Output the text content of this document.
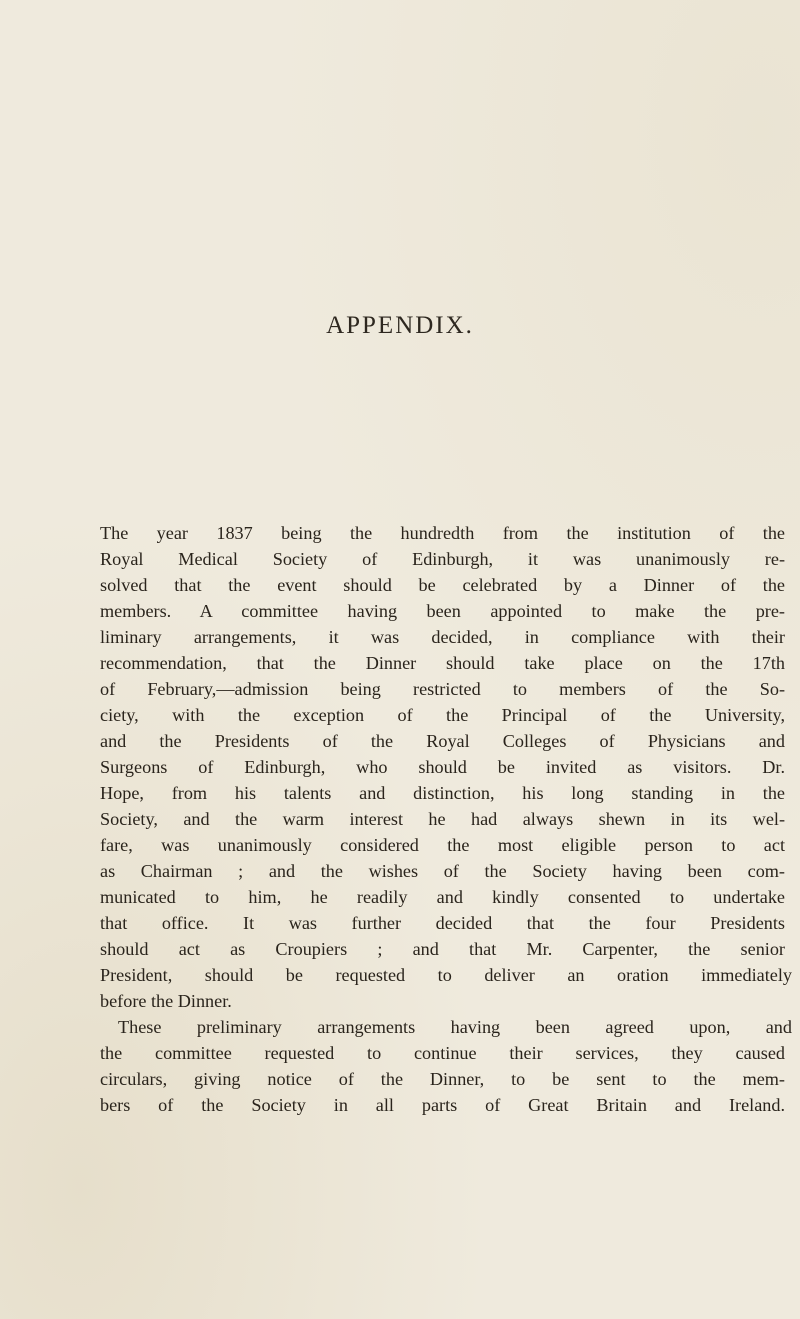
APPENDIX.
The year 1837 being the hundredth from the institution of the
Royal Medical Society of Edinburgh, it was unanimously re-
solved that the event should be celebrated by a Dinner of the
members. A committee having been appointed to make the pre-
liminary arrangements, it was decided, in compliance with their
recommendation, that the Dinner should take place on the 17th
of February,—admission being restricted to members of the So-
ciety, with the exception of the Principal of the University,
and the Presidents of the Royal Colleges of Physicians and
Surgeons of Edinburgh, who should be invited as visitors. Dr.
Hope, from his talents and distinction, his long standing in the
Society, and the warm interest he had always shewn in its wel-
fare, was unanimously considered the most eligible person to act
as Chairman ; and the wishes of the Society having been com-
municated to him, he readily and kindly consented to undertake
that office. It was further decided that the four Presidents
should act as Croupiers ; and that Mr. Carpenter, the senior
President, should be requested to deliver an oration immediately
before the Dinner.
These preliminary arrangements having been agreed upon, and
the committee requested to continue their services, they caused
circulars, giving notice of the Dinner, to be sent to the mem-
bers of the Society in all parts of Great Britain and Ireland.
